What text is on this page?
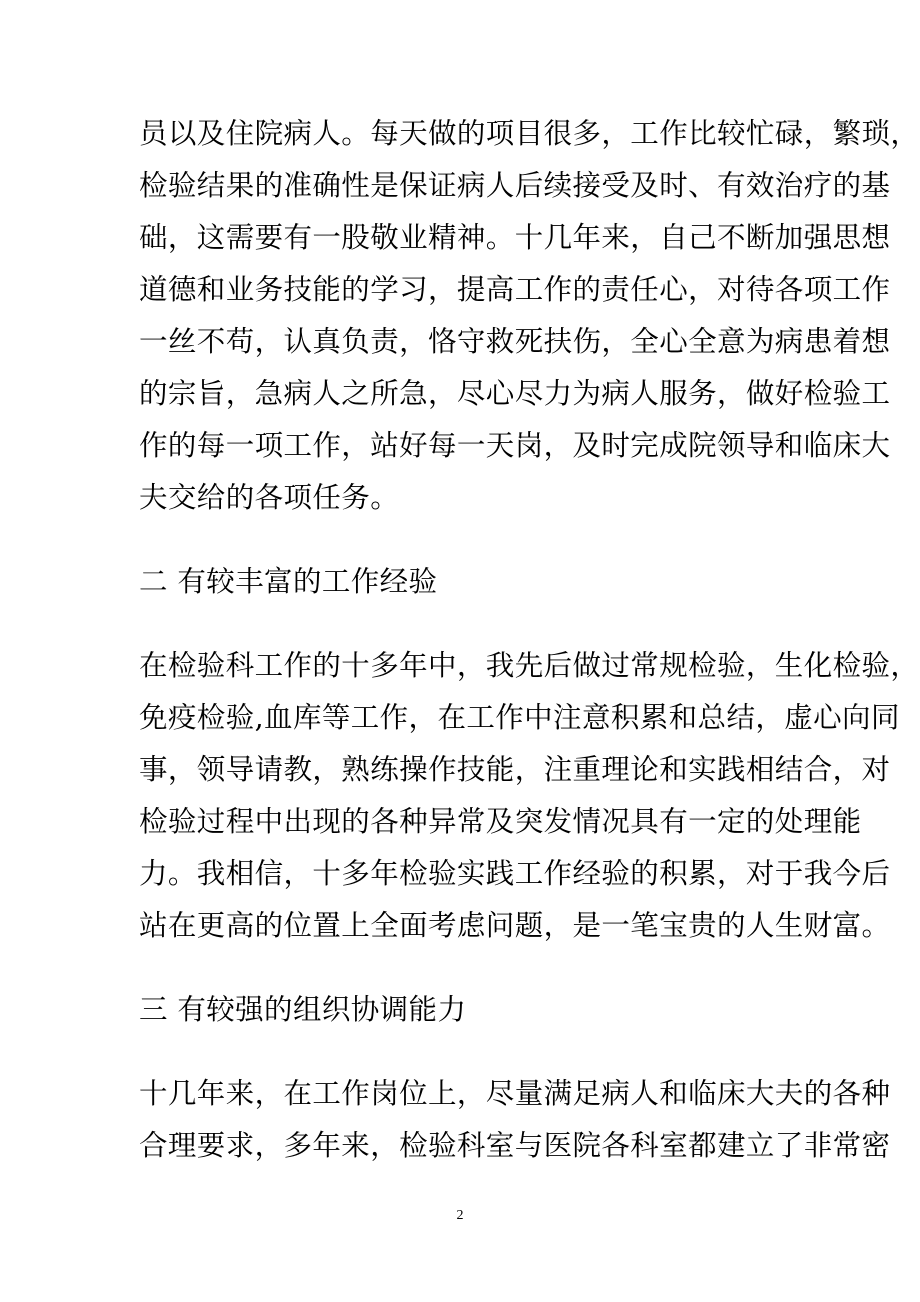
员以及住院病人。每天做的项目很多，工作比较忙碌，繁琐，
检验结果的准确性是保证病人后续接受及时、有效治疗的基
础，这需要有一股敬业精神。十几年来，自己不断加强思想
道德和业务技能的学习，提高工作的责任心，对待各项工作
一丝不苟，认真负责，恪守救死扶伤，全心全意为病患着想
的宗旨，急病人之所急，尽心尽力为病人服务，做好检验工
作的每一项工作，站好每一天岗，及时完成院领导和临床大
夫交给的各项任务。
二 有较丰富的工作经验
在检验科工作的十多年中，我先后做过常规检验，生化检验，
免疫检验,血库等工作，在工作中注意积累和总结，虚心向同
事，领导请教，熟练操作技能，注重理论和实践相结合，对
检验过程中出现的各种异常及突发情况具有一定的处理能
力。我相信，十多年检验实践工作经验的积累，对于我今后
站在更高的位置上全面考虑问题，是一笔宝贵的人生财富。
三 有较强的组织协调能力
十几年来，在工作岗位上，尽量满足病人和临床大夫的各种
合理要求，多年来，检验科室与医院各科室都建立了非常密
2
